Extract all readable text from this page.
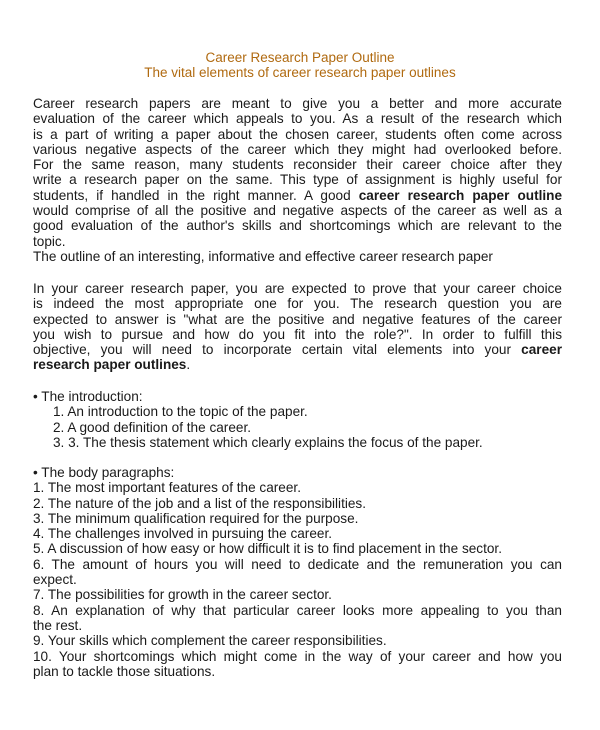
Career Research Paper Outline
The vital elements of career research paper outlines
Career research papers are meant to give you a better and more accurate
evaluation of the career which appeals to you. As a result of the research which
is a part of writing a paper about the chosen career, students often come across
various negative aspects of the career which they might had overlooked before.
For the same reason, many students reconsider their career choice after they
write a research paper on the same. This type of assignment is highly useful for
students, if handled in the right manner. A good career research paper outline
would comprise of all the positive and negative aspects of the career as well as a
good evaluation of the author's skills and shortcomings which are relevant to the
topic.
The outline of an interesting, informative and effective career research paper
In your career research paper, you are expected to prove that your career choice
is indeed the most appropriate one for you. The research question you are
expected to answer is "what are the positive and negative features of the career
you wish to pursue and how do you fit into the role?". In order to fulfill this
objective, you will need to incorporate certain vital elements into your career
research paper outlines.
• The introduction:
1. An introduction to the topic of the paper.
2. A good definition of the career.
3. 3. The thesis statement which clearly explains the focus of the paper.
• The body paragraphs:
1. The most important features of the career.
2. The nature of the job and a list of the responsibilities.
3. The minimum qualification required for the purpose.
4. The challenges involved in pursuing the career.
5. A discussion of how easy or how difficult it is to find placement in the sector.
6. The amount of hours you will need to dedicate and the remuneration you can
expect.
7. The possibilities for growth in the career sector.
8. An explanation of why that particular career looks more appealing to you than
the rest.
9. Your skills which complement the career responsibilities.
10. Your shortcomings which might come in the way of your career and how you
plan to tackle those situations.
